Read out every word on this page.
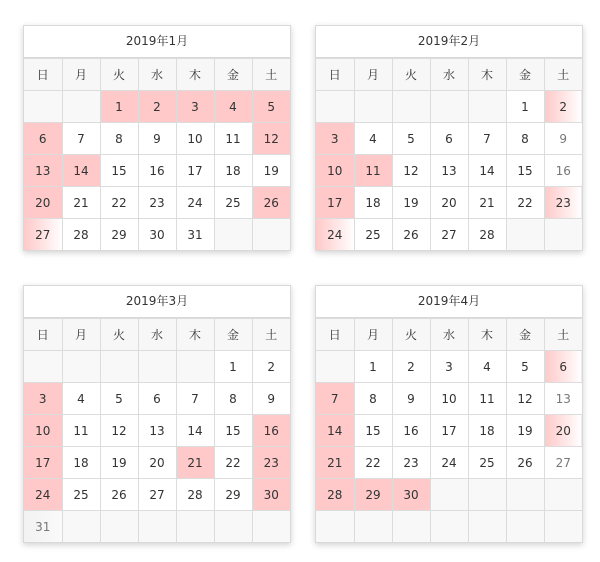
2019年1月
日	月	火	水	木	金	土
		1	2	3	4	5
6	7	8	9	10	11	12
13	14	15	16	17	18	19
20	21	22	23	24	25	26
27	28	29	30	31		
2019年2月
日	月	火	水	木	金	土
					1	2
3	4	5	6	7	8	9
10	11	12	13	14	15	16
17	18	19	20	21	22	23
24	25	26	27	28		
2019年3月
日	月	火	水	木	金	土
					1	2
3	4	5	6	7	8	9
10	11	12	13	14	15	16
17	18	19	20	21	22	23
24	25	26	27	28	29	30
31						
2019年4月
日	月	火	水	木	金	土
	1	2	3	4	5	6
7	8	9	10	11	12	13
14	15	16	17	18	19	20
21	22	23	24	25	26	27
28	29	30				
